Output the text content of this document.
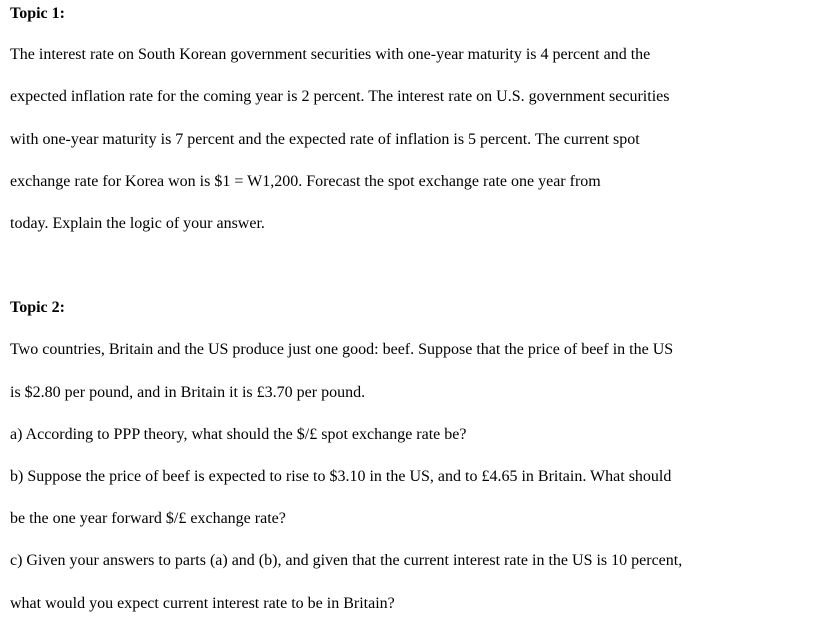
Topic 1:
The interest rate on South Korean government securities with one-year maturity is 4 percent and the
expected inflation rate for the coming year is 2 percent. The interest rate on U.S. government securities
with one-year maturity is 7 percent and the expected rate of inflation is 5 percent. The current spot
exchange rate for Korea won is $1 = W1,200. Forecast the spot exchange rate one year from
today. Explain the logic of your answer.
Topic 2:
Two countries, Britain and the US produce just one good: beef. Suppose that the price of beef in the US
is $2.80 per pound, and in Britain it is £3.70 per pound.
a) According to PPP theory, what should the $/£ spot exchange rate be?
b) Suppose the price of beef is expected to rise to $3.10 in the US, and to £4.65 in Britain. What should
be the one year forward $/£ exchange rate?
c) Given your answers to parts (a) and (b), and given that the current interest rate in the US is 10 percent,
what would you expect current interest rate to be in Britain?
